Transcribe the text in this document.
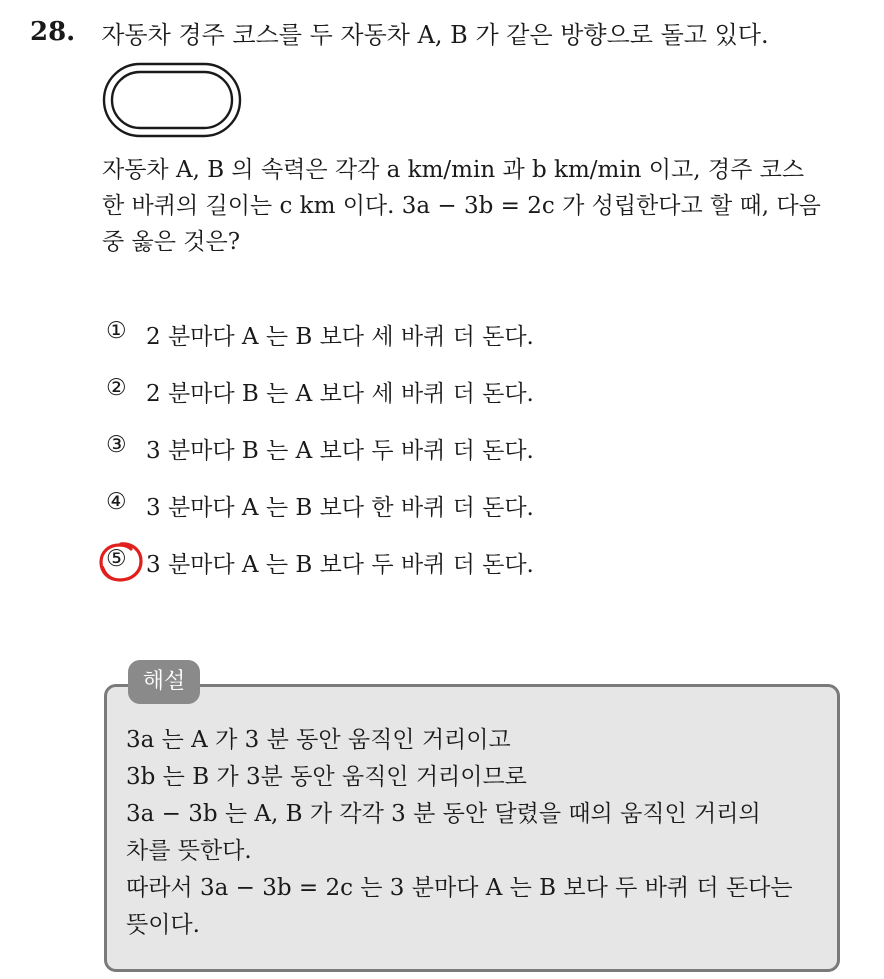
28. 자동차 경주 코스를 두 자동차 A, B 가 같은 방향으로 돌고 있다.
자동차 A, B 의 속력은 각각 a km/min 과 b km/min 이고, 경주 코스
한 바퀴의 길이는 c km 이다. 3a − 3b = 2c 가 성립한다고 할 때, 다음
중 옳은 것은?
① 2 분마다 A 는 B 보다 세 바퀴 더 돈다.
② 2 분마다 B 는 A 보다 세 바퀴 더 돈다.
③ 3 분마다 B 는 A 보다 두 바퀴 더 돈다.
④ 3 분마다 A 는 B 보다 한 바퀴 더 돈다.
⑤ 3 분마다 A 는 B 보다 두 바퀴 더 돈다.
해설
3a 는 A 가 3 분 동안 움직인 거리이고
3b 는 B 가 3분 동안 움직인 거리이므로
3a − 3b 는 A, B 가 각각 3 분 동안 달렸을 때의 움직인 거리의
차를 뜻한다.
따라서 3a − 3b = 2c 는 3 분마다 A 는 B 보다 두 바퀴 더 돈다는
뜻이다.
